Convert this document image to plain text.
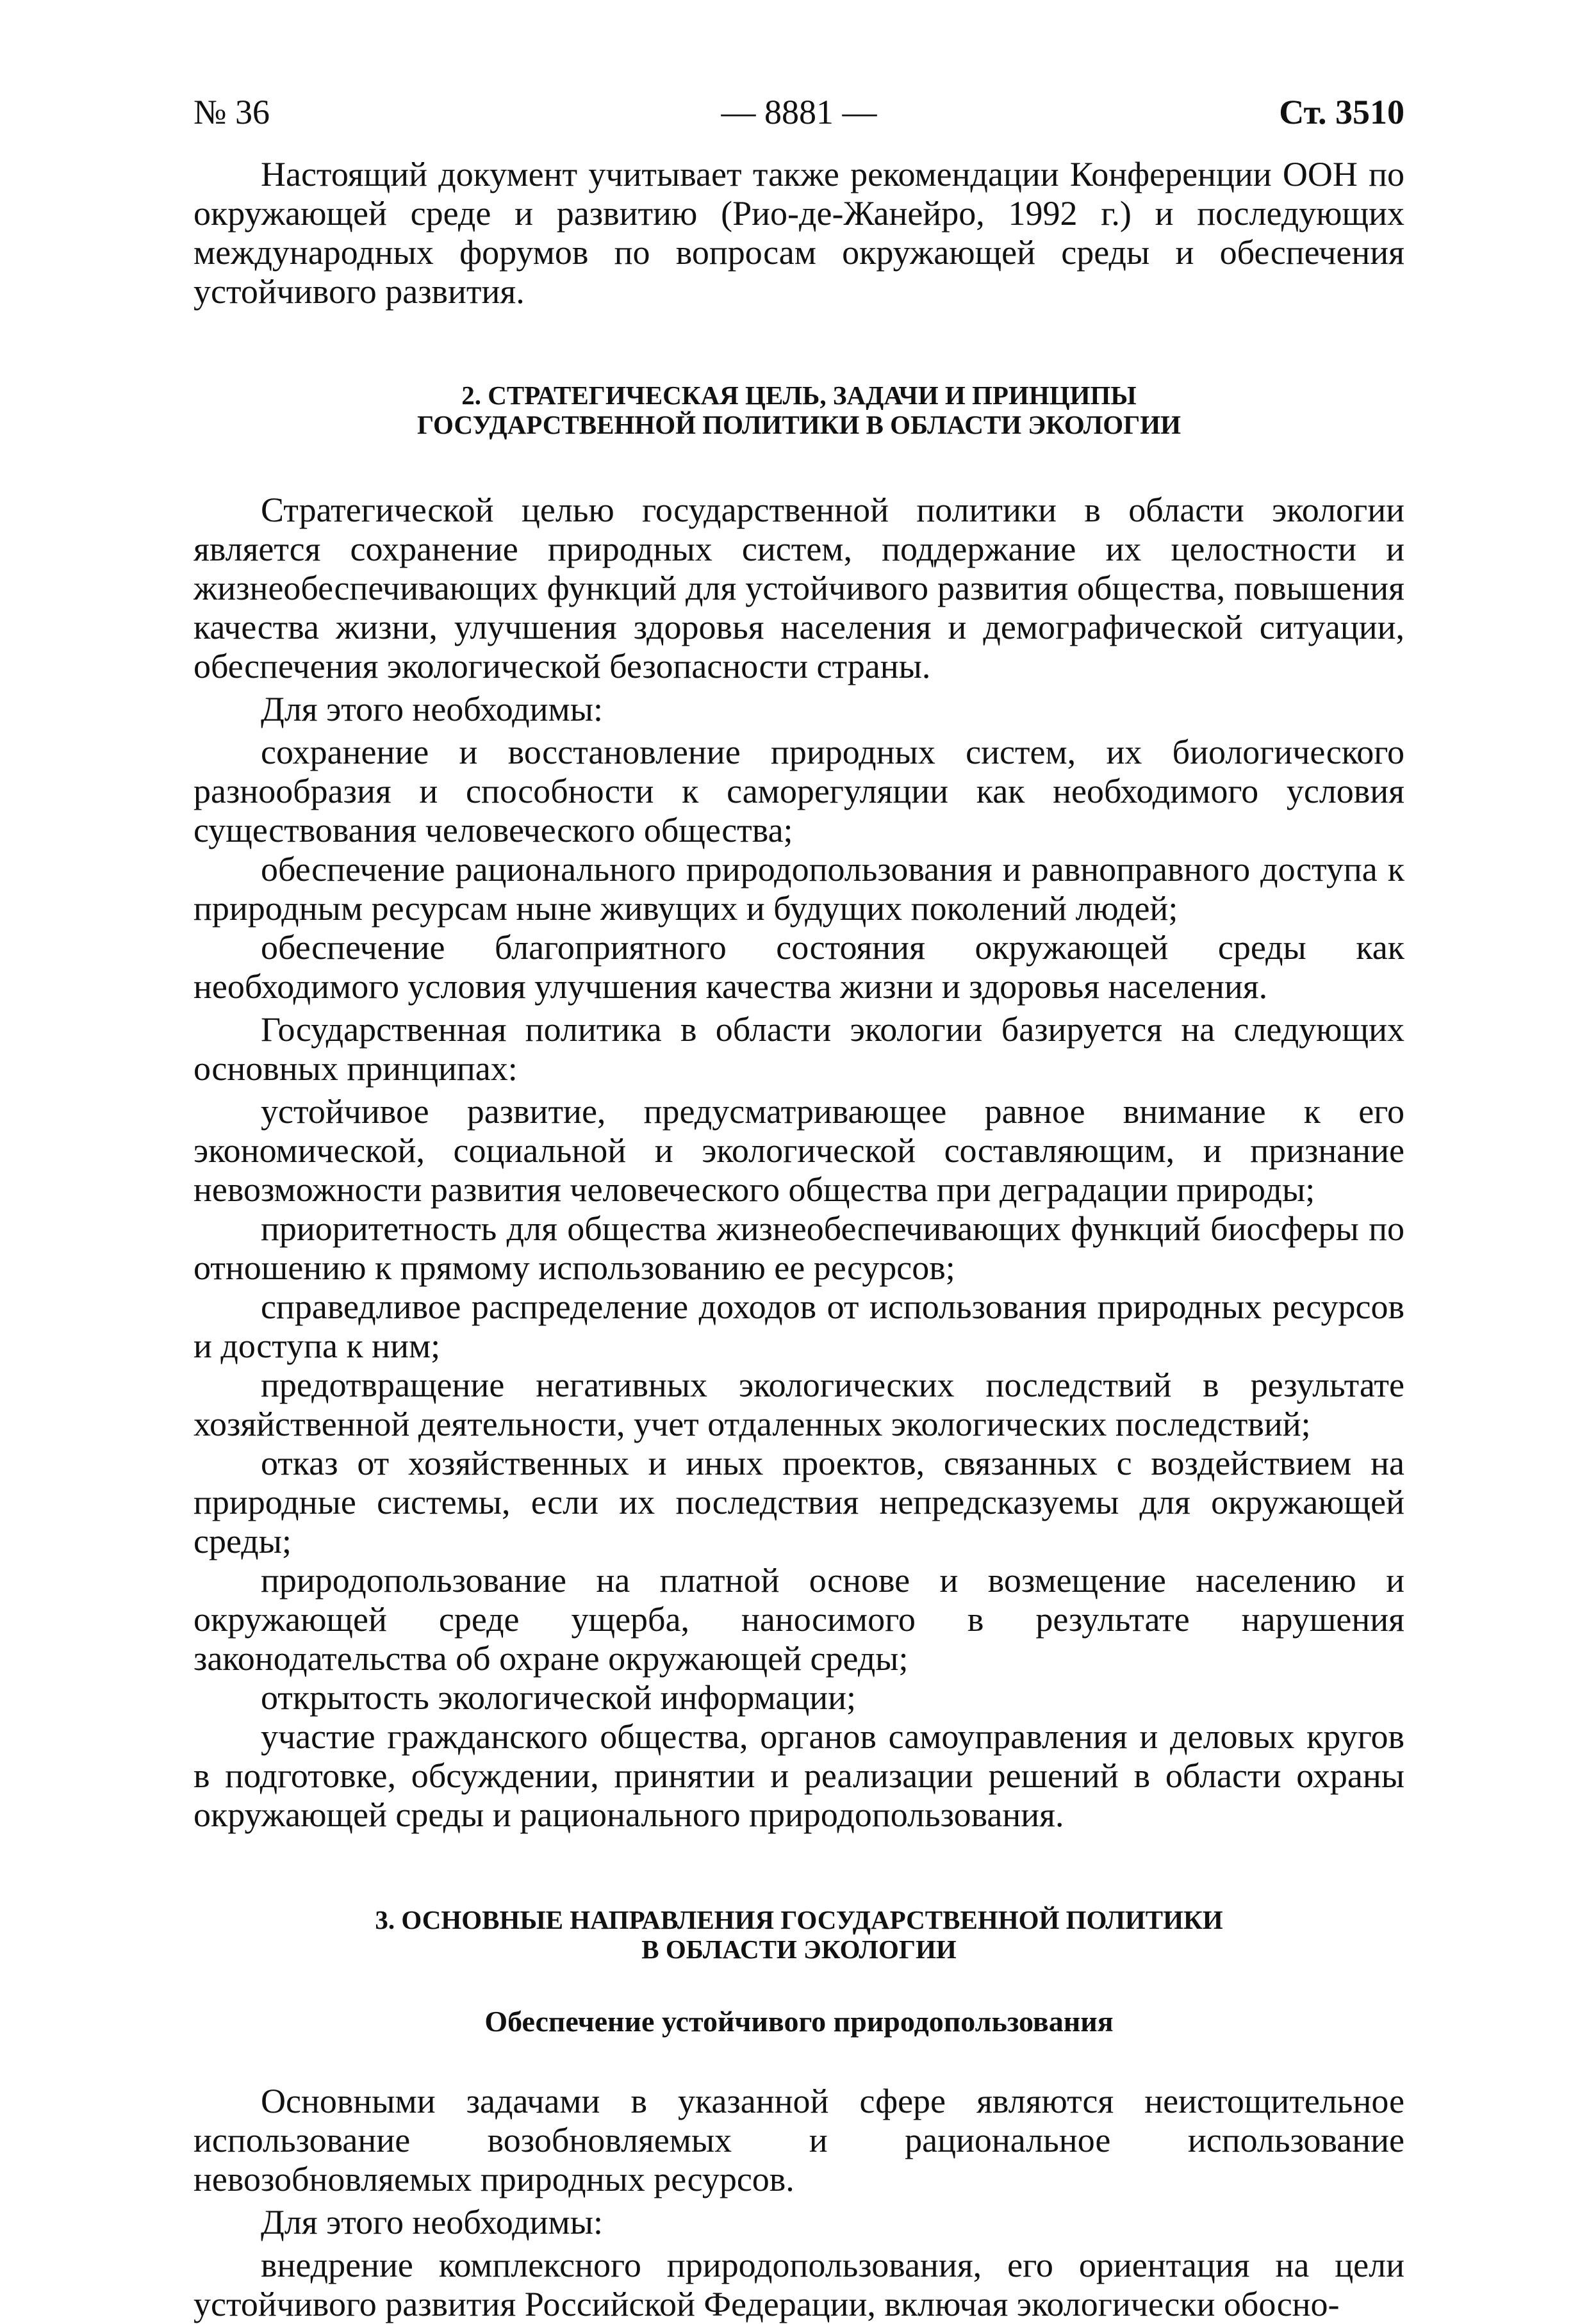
№ 36	— 8881 —	Ст. 3510

Настоящий документ учитывает также рекомендации Конференции ООН по окружающей среде и развитию (Рио-де-Жанейро, 1992 г.) и последующих международных форумов по вопросам окружающей среды и обеспечения устойчивого развития.

2. СТРАТЕГИЧЕСКАЯ ЦЕЛЬ, ЗАДАЧИ И ПРИНЦИПЫ
ГОСУДАРСТВЕННОЙ ПОЛИТИКИ В ОБЛАСТИ ЭКОЛОГИИ

Стратегической целью государственной политики в области экологии является сохранение природных систем, поддержание их целостности и жизнеобеспечивающих функций для устойчивого развития общества, повышения качества жизни, улучшения здоровья населения и демографической ситуации, обеспечения экологической безопасности страны.

Для этого необходимы:

сохранение и восстановление природных систем, их биологического разнообразия и способности к саморегуляции как необходимого условия существования человеческого общества;

обеспечение рационального природопользования и равноправного доступа к природным ресурсам ныне живущих и будущих поколений людей;

обеспечение благоприятного состояния окружающей среды как необходимого условия улучшения качества жизни и здоровья населения.

Государственная политика в области экологии базируется на следующих основных принципах:

устойчивое развитие, предусматривающее равное внимание к его экономической, социальной и экологической составляющим, и признание невозможности развития человеческого общества при деградации природы;

приоритетность для общества жизнеобеспечивающих функций биосферы по отношению к прямому использованию ее ресурсов;

справедливое распределение доходов от использования природных ресурсов и доступа к ним;

предотвращение негативных экологических последствий в результате хозяйственной деятельности, учет отдаленных экологических последствий;

отказ от хозяйственных и иных проектов, связанных с воздействием на природные системы, если их последствия непредсказуемы для окружающей среды;

природопользование на платной основе и возмещение населению и окружающей среде ущерба, наносимого в результате нарушения законодательства об охране окружающей среды;

открытость экологической информации;

участие гражданского общества, органов самоуправления и деловых кругов в подготовке, обсуждении, принятии и реализации решений в области охраны окружающей среды и рационального природопользования.

3. ОСНОВНЫЕ НАПРАВЛЕНИЯ ГОСУДАРСТВЕННОЙ ПОЛИТИКИ
В ОБЛАСТИ ЭКОЛОГИИ
Обеспечение устойчивого природопользования

Основными задачами в указанной сфере являются неистощительное использование возобновляемых и рациональное использование невозобновляемых природных ресурсов.

Для этого необходимы:

внедрение комплексного природопользования, его ориентация на цели устойчивого развития Российской Федерации, включая экологически обосно-
